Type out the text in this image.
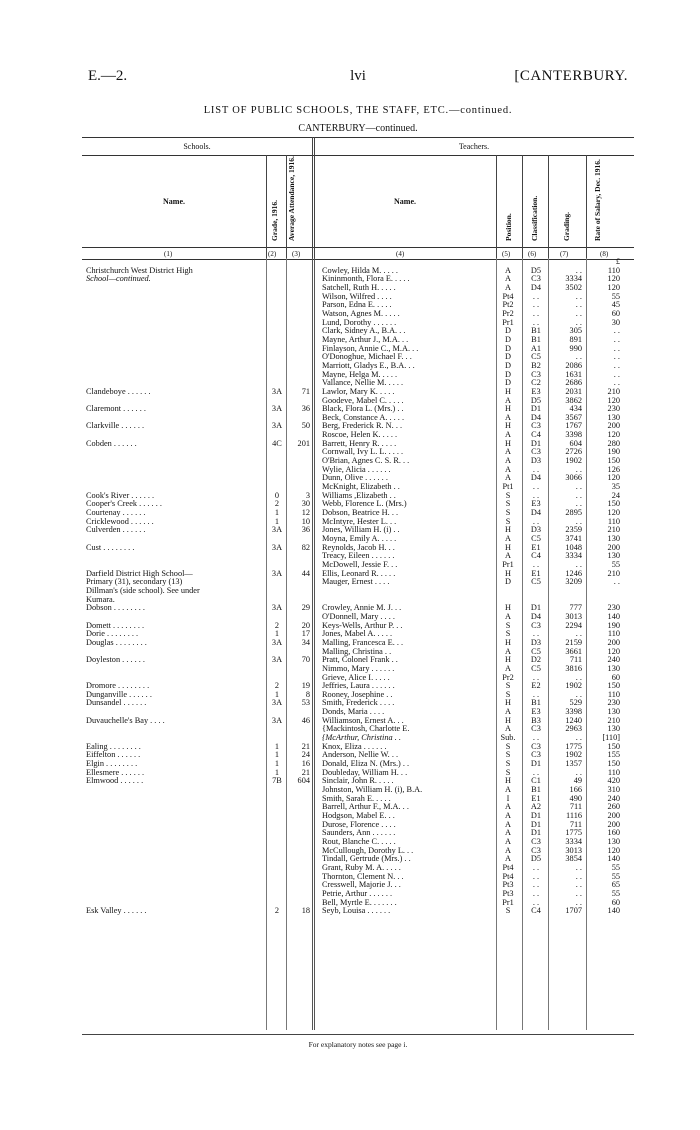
E.—2.	lvi	[CANTERBURY.
LIST OF PUBLIC SCHOOLS, THE STAFF, ETC.—continued.
CANTERBURY—continued.
Schools.	Teachers.
Name.	Grade, 1916. Average Attendance, 1916.	Name.
Position. Classification.	Grading.	Rate of Salary, Dec. 1916.
(1)	(2) (3)	(4)	(5)	(6)	(7)	(8)
£
Christchurch West District High	Cowley, Hilda M. . . . .	A	D5	. .	110
School—continued.	Kininmonth, Flora E. . . . .	A	C3	3334	120
Satchell, Ruth H. . . . .	A	D4	3502	120
Wilson, Wilfred . . . .	Pt4	. .	. .	55
Parson, Edna E. . . . .	Pt2	. .	. .	45
Watson, Agnes M. . . . .	Pr2	. .	. .	60
Lund, Dorothy . . . . . .	Pr1	. .	. .	30
Clark, Sidney A., B.A. . .	D	B1	305	. .
Mayne, Arthur J., M.A. . .	D	B1	891	. .
Finlayson, Annie C., M.A. . .	D	A1	990	. .
O'Donoghue, Michael F. . .	D	C5	. .	. .
Marriott, Gladys E., B.A. . .	D	B2	2086	. .
Mayne, Helga M. . . . .	D	C3	1631	. .
Vallance, Nellie M. . . . .	D	C2	2686	. .
Clandeboye . . . . . .	3A	71 Lawlor, Mary K. . . . .	H	E3	2031	210
Goodeve, Mabel C. . . . .	A	D5	3862	120
Claremont . . . . . .	3A	36 Black, Flora L. (Mrs.) . .	H	D1	434	230
Beck, Constance A. . . . .	A	D4	3567	130
Clarkville . . . . . .	3A	50 Berg, Frederick R. N. . .	H	C3	1767	200
Roscoe, Helen K. . . . .	A	C4	3398	120
Cobden . . . . . .	4C	201 Barrett, Henry R. . . . .	H	D1	604	280
Cornwall, Ivy L. L. . . . .	A	C3	2726	190
O'Brian, Agnes C. S. R. . .	A	D3	1902	150
Wylie, Alicia . . . . . .	A	. .	. .	126
Dunn, Olive . . . . . .	A	D4	3066	120
McKnight, Elizabeth . .	Pt1	. .	. .	35
Cook's River . . . . . .	0	3 Williams ,Elizabeth . .	S	. .	. .	24
Cooper's Creek . . . . . .	2	30 Webb, Florence L. (Mrs.)	S	E3	. .	150
Courtenay . . . . . .	1	12 Dobson, Beatrice H. . .	S	D4	2895	120
Cricklewood . . . . . .	1	10 McIntyre, Hester L. . .	S	. .	. .	110
Culverden . . . . . .	3A	36 Jones, William H. (i) . .	H	D3	2359	210
Moyna, Emily A. . . . .	A	C5	3741	130
Cust . . . . . . . .	3A	82 Reynolds, Jacob H. . .	H	E1	1048	200
Treacy, Eileen . . . . . .	A	C4	3334	130
McDowell, Jessie F. . .	Pr1	. .	. .	55
Darfield District High School—	3A	44 Ellis, Leonard R. . . . .	H	E1	1246	210
Primary (31), secondary (13)	Mauger, Ernest . . . .	D	C5	3209	. .
Dillman's (side school). See under
Kumara.
Dobson . . . . . . . .	3A	29 Crowley, Annie M. J. . .	H	D1	777	230
O'Donnell, Mary . . . .	A	D4	3013	140
Domett . . . . . . . .	2	20 Keys-Wells, Arthur P. . .	S	C3	2294	190
Dorie . . . . . . . .	1	17 Jones, Mabel A. . . . .	S	. .	. .	110
Douglas . . . . . . . .	3A	34 Malling, Francesca E. . .	H	D3	2159	200
Malling, Christina . .	A	C5	3661	120
Doyleston . . . . . .	3A	70 Pratt, Colonel Frank . .	H	D2	711	240
Nimmo, Mary . . . . . .	A	C5	3816	130
Grieve, Alice I. . . . .	Pr2	. .	. .	60
Dromore . . . . . . . .	2	19 Jeffries, Laura . . . . . .	S	E2	1902	150
Dunganville . . . . . .	1	8 Rooney, Josephine . .	S	. .	. .	110
Dunsandel . . . . . .	3A	53 Smith, Frederick . . . .	H	B1	529	230
Donds, Maria . . . .	A	E3	3398	130
Duvauchelle's Bay . . . .	3A	46 Williamson, Ernest A. . .	H	B3	1240	210
{Mackintosh, Charlotte E.	A	C3	2963	130
{McArthur, Christina . .	Sub.	. .	. .	[110]
Ealing . . . . . . . .	1	21 Knox, Eliza . . . . . .	S	C3	1775	150
Eiffelton . . . . . .	1	24 Anderson, Nellie W. . .	S	C3	1902	155
Elgin . . . . . . . .	1	16 Donald, Eliza N. (Mrs.) . .	S	D1	1357	150
Ellesmere . . . . . .	1	21 Doubleday, William H. . .	S	. .	. .	110
Elmwood . . . . . .	7B	604 Sinclair, John R. . . . .	H	C1	49	420
Johnston, William H. (i), B.A.	A	B1	166	310
Smith, Sarah E. . . . .	I	E1	490	240
Barrell, Arthur F., M.A. . .	A	A2	711	260
Hodgson, Mabel E. . .	A	D1	1116	200
Durose, Florence . . . .	A	D1	711	200
Saunders, Ann . . . . . .	A	D1	1775	160
Rout, Blanche C. . . . .	A	C3	3334	130
McCullough, Dorothy L. . .	A	C3	3013	120
Tindall, Gertrude (Mrs.) . .	A	D5	3854	140
Grant, Ruby M. A. . . . .	Pt4	. .	. .	55
Thornton, Clement N. . .	Pt4	. .	. .	55
Cresswell, Majorie J. . .	Pt3	. .	. .	65
Petrie, Arthur . . . . . .	Pt3	. .	. .	55
Bell, Myrtle E. . . . . . .	Pr1	. .	. .	60
Esk Valley . . . . . .	2	18 Seyb, Louisa . . . . . .	S	C4	1707	140
For explanatory notes see page i.
